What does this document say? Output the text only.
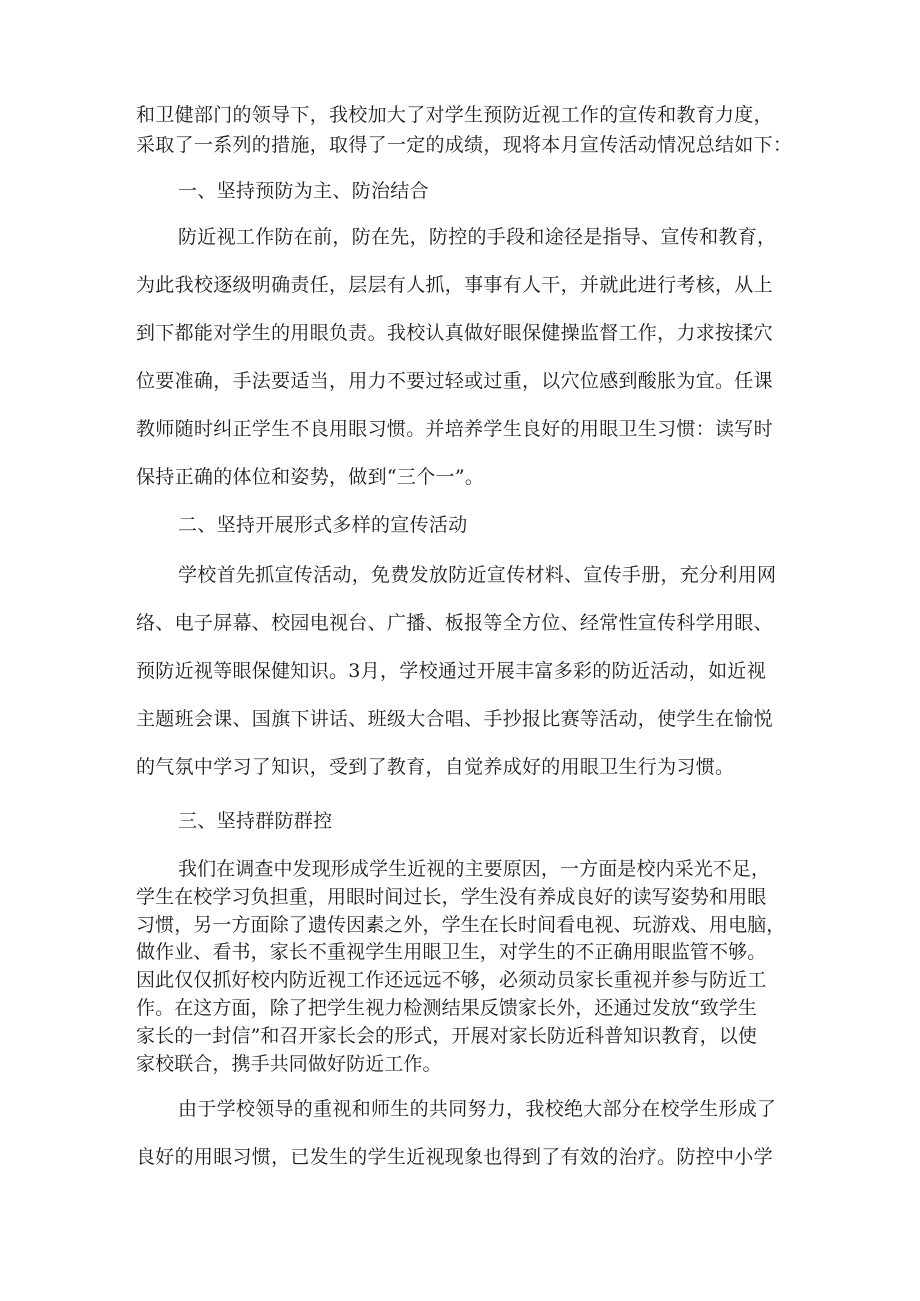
和卫健部门的领导下，我校加大了对学生预防近视工作的宣传和教育力度，
采取了一系列的措施，取得了一定的成绩，现将本月宣传活动情况总结如下：
一、坚持预防为主、防治结合
防近视工作防在前，防在先，防控的手段和途径是指导、宣传和教育，
为此我校逐级明确责任，层层有人抓，事事有人干，并就此进行考核，从上
到下都能对学生的用眼负责。我校认真做好眼保健操监督工作，力求按揉穴
位要准确，手法要适当，用力不要过轻或过重，以穴位感到酸胀为宜。任课
教师随时纠正学生不良用眼习惯。并培养学生良好的用眼卫生习惯：读写时
保持正确的体位和姿势，做到“三个一”。
二、坚持开展形式多样的宣传活动
学校首先抓宣传活动，免费发放防近宣传材料、宣传手册，充分利用网
络、电子屏幕、校园电视台、广播、板报等全方位、经常性宣传科学用眼、
预防近视等眼保健知识。3月，学校通过开展丰富多彩的防近活动，如近视
主题班会课、国旗下讲话、班级大合唱、手抄报比赛等活动，使学生在愉悦
的气氛中学习了知识，受到了教育，自觉养成好的用眼卫生行为习惯。
三、坚持群防群控
我们在调查中发现形成学生近视的主要原因，一方面是校内采光不足，
学生在校学习负担重，用眼时间过长，学生没有养成良好的读写姿势和用眼
习惯，另一方面除了遗传因素之外，学生在长时间看电视、玩游戏、用电脑，
做作业、看书，家长不重视学生用眼卫生，对学生的不正确用眼监管不够。
因此仅仅抓好校内防近视工作还远远不够，必须动员家长重视并参与防近工
作。在这方面，除了把学生视力检测结果反馈家长外，还通过发放“致学生
家长的一封信”和召开家长会的形式，开展对家长防近科普知识教育，以使
家校联合，携手共同做好防近工作。
由于学校领导的重视和师生的共同努力，我校绝大部分在校学生形成了
良好的用眼习惯，已发生的学生近视现象也得到了有效的治疗。防控中小学
